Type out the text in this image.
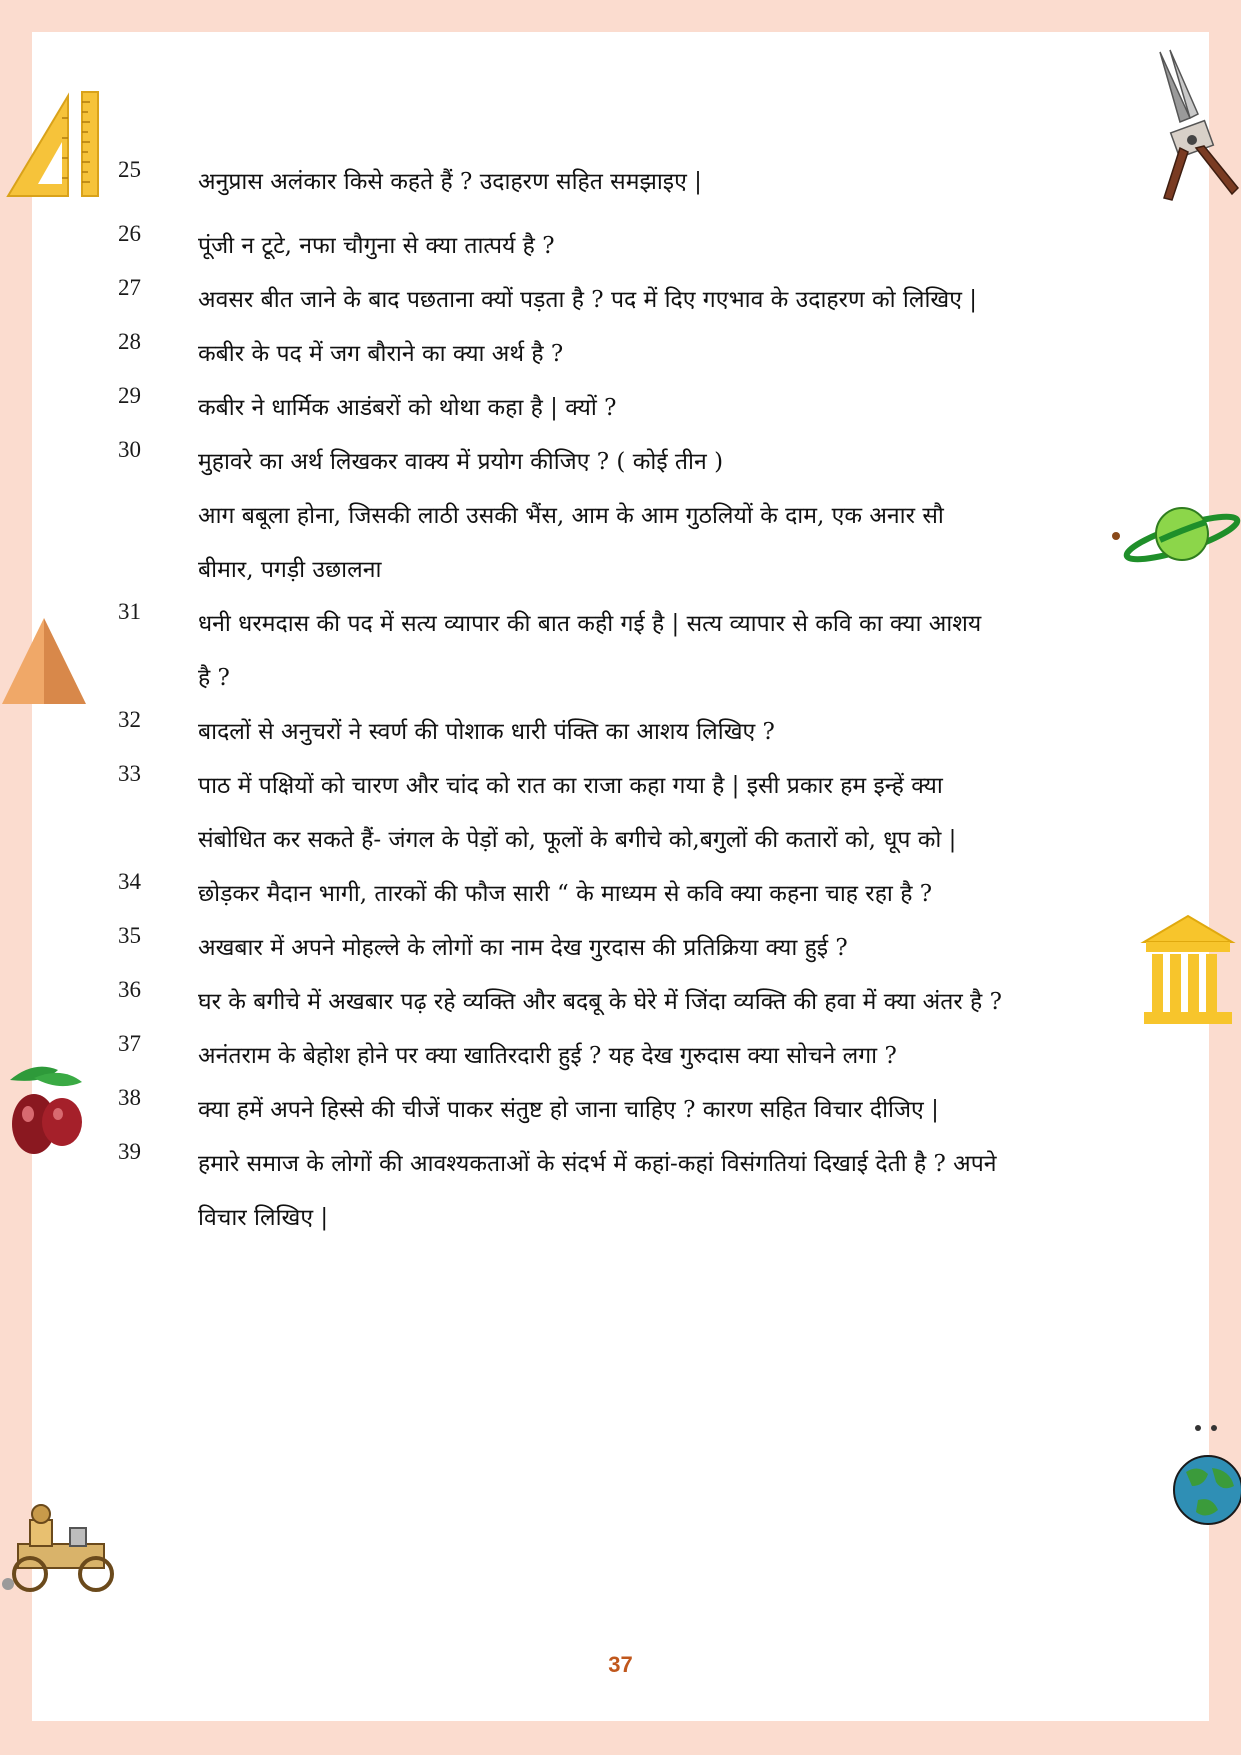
25	अनुप्रास अलंकार किसे कहते हैं ? उदाहरण सहित समझाइए |
26	पूंजी न टूटे, नफा चौगुना से क्या तात्पर्य है ?
27	अवसर बीत जाने के बाद पछताना क्यों पड़ता है ? पद में दिए गएभाव के उदाहरण को लिखिए |
28	कबीर के पद में जग बौराने का क्या अर्थ है ?
29	कबीर ने धार्मिक आडंबरों को थोथा कहा है | क्यों ?
30	मुहावरे का अर्थ लिखकर वाक्य में प्रयोग कीजिए ? ( कोई तीन )
आग बबूला होना, जिसकी लाठी उसकी भैंस, आम के आम गुठलियों के दाम, एक अनार सौ
बीमार, पगड़ी उछालना
31	धनी धरमदास की पद में सत्य व्यापार की बात कही गई है | सत्य व्यापार से कवि का क्या आशय
है ?
32	बादलों से अनुचरों ने स्वर्ण की पोशाक धारी पंक्ति का आशय लिखिए ?
33	पाठ में पक्षियों को चारण और चांद को रात का राजा कहा गया है | इसी प्रकार हम इन्हें क्या
संबोधित कर सकते हैं- जंगल के पेड़ों को, फूलों के बगीचे को,बगुलों की कतारों को, धूप को |
34	छोड़कर मैदान भागी, तारकों की फौज सारी “ के माध्यम से कवि क्या कहना चाह रहा है ?
35	अखबार में अपने मोहल्ले के लोगों का नाम देख गुरदास की प्रतिक्रिया क्या हुई ?
36	घर के बगीचे में अखबार पढ़ रहे व्यक्ति और बदबू के घेरे में जिंदा व्यक्ति की हवा में क्या अंतर है ?
37	अनंतराम के बेहोश होने पर क्या खातिरदारी हुई ? यह देख गुरुदास क्या सोचने लगा ?
38	क्या हमें अपने हिस्से की चीजें पाकर संतुष्ट हो जाना चाहिए ? कारण सहित विचार दीजिए |
39	हमारे समाज के लोगों की आवश्यकताओं के संदर्भ में कहां-कहां विसंगतियां दिखाई देती है ? अपने
विचार लिखिए |
37
